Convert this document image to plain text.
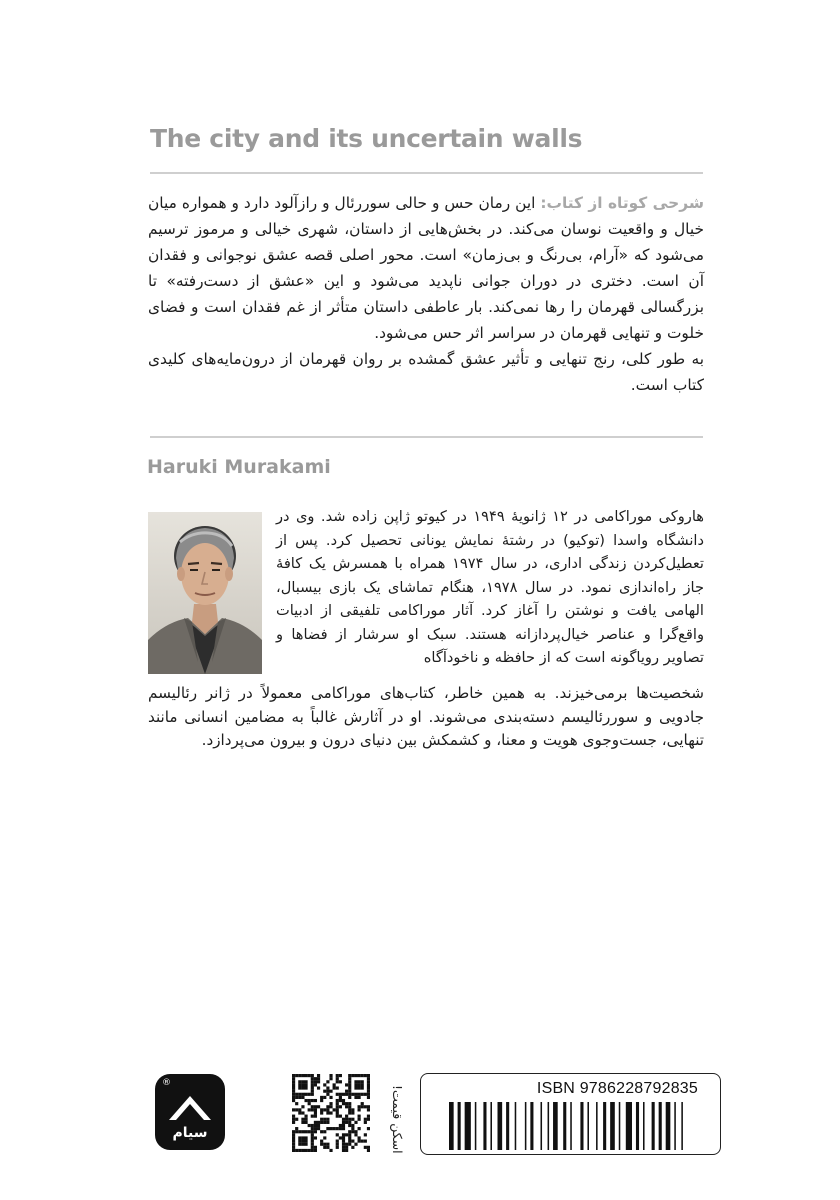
The city and its uncertain walls

شرحی کوتاه از کتاب: این رمان حس و حالی سوررئال و رازآلود دارد و همواره میان خیال و واقعیت نوسان می‌کند. در بخش‌هایی از داستان، شهری خیالی و مرموز ترسیم می‌شود که «آرام، بی‌رنگ و بی‌زمان» است. محور اصلی قصه عشق نوجوانی و فقدان آن است. دختری در دوران جوانی ناپدید می‌شود و این «عشق از دست‌رفته» تا بزرگسالی قهرمان را رها نمی‌کند. بار عاطفی داستان متأثر از غم فقدان است و فضای خلوت و تنهایی قهرمان در سراسر اثر حس می‌شود.

به طور کلی، رنج تنهایی و تأثیر عشق گمشده بر روان قهرمان از درون‌مایه‌های کلیدی کتاب است.

Haruki Murakami

هاروکی موراکامی در ۱۲ ژانویهٔ ۱۹۴۹ در کیوتو ژاپن زاده شد. وی در دانشگاه واسدا (توکیو) در رشتهٔ نمایش یونانی تحصیل کرد. پس از تعطیل‌کردن زندگی اداری، در سال ۱۹۷۴ همراه با همسرش یک کافهٔ جاز راه‌اندازی نمود. در سال ۱۹۷۸، هنگام تماشای یک بازی بیسبال، الهامی یافت و نوشتن را آغاز کرد. آثار موراکامی تلفیقی از ادبیات واقع‌گرا و عناصر خیال‌پردازانه هستند. سبک او سرشار از فضاها و تصاویر رویاگونه است که از حافظه و ناخودآگاه

شخصیت‌ها برمی‌خیزند. به همین خاطر، کتاب‌های موراکامی معمولاً در ژانر رئالیسم جادویی و سوررئالیسم دسته‌بندی می‌شوند. او در آثارش غالباً به مضامین انسانی مانند تنهایی، جست‌وجوی هویت و معنا، و کشمکش بین دنیای درون و بیرون می‌پردازد.

®
سیام	اسکن قیمت!	ISBN 9786228792835
